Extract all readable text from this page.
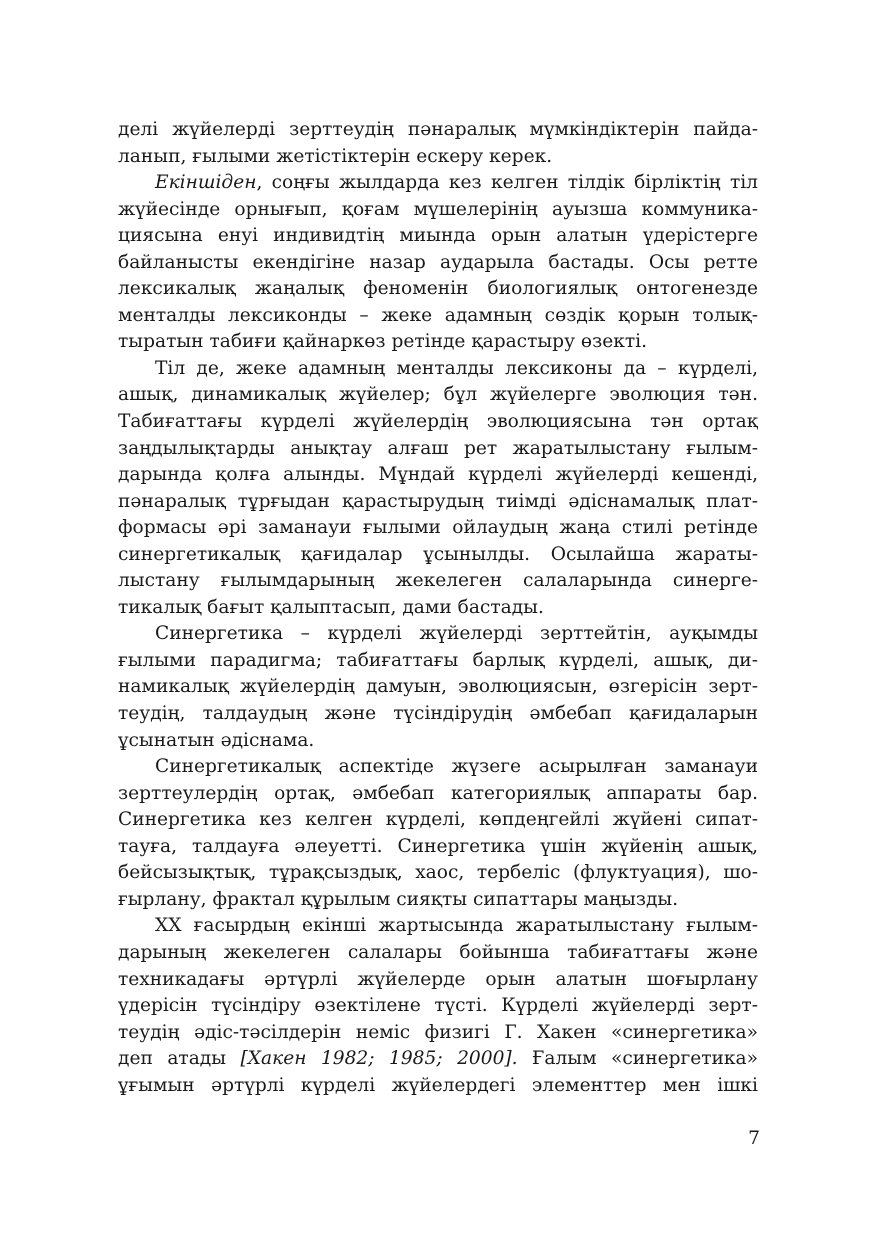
делі жүйелерді зерттеудің пәнаралық мүмкіндіктерін пайда-
ланып, ғылыми жетістіктерін ескеру керек.
Екіншіден, соңғы жылдарда кез келген тілдік бірліктің тіл
жүйесінде орнығып, қоғам мүшелерінің ауызша коммуника-
циясына енуі индивидтің миында орын алатын үдерістерге
байланысты екендігіне назар аударыла бастады. Осы ретте
лексикалық жаңалық феноменін биологиялық онтогенезде
менталды лексиконды – жеке адамның сөздік қорын толық-
тыратын табиғи қайнаркөз ретінде қарастыру өзекті.
Тіл де, жеке адамның менталды лексиконы да – күрделі,
ашық, динамикалық жүйелер; бұл жүйелерге эволюция тән.
Табиғаттағы күрделі жүйелердің эволюциясына тән ортақ
заңдылықтарды анықтау алғаш рет жаратылыстану ғылым-
дарында қолға алынды. Мұндай күрделі жүйелерді кешенді,
пәнаралық тұрғыдан қарастырудың тиімді әдіснамалық плат-
формасы әрі заманауи ғылыми ойлаудың жаңа стилі ретінде
синергетикалық қағидалар ұсынылды. Осылайша жараты-
лыстану ғылымдарының жекелеген салаларында синерге-
тикалық бағыт қалыптасып, дами бастады.
Синергетика – күрделі жүйелерді зерттейтін, ауқымды
ғылыми парадигма; табиғаттағы барлық күрделі, ашық, ди-
намикалық жүйелердің дамуын, эволюциясын, өзгерісін зерт-
теудің, талдаудың және түсіндірудің әмбебап қағидаларын
ұсынатын әдіснама.
Синергетикалық аспектіде жүзеге асырылған заманауи
зерттеулердің ортақ, әмбебап категориялық аппараты бар.
Синергетика кез келген күрделі, көпдеңгейлі жүйені сипат-
тауға, талдауға әлеуетті. Синергетика үшін жүйенің ашық,
бейсызықтық, тұрақсыздық, хаос, тербеліс (флуктуация), шо-
ғырлану, фрактал құрылым сияқты сипаттары маңызды.
XX ғасырдың екінші жартысында жаратылыстану ғылым-
дарының жекелеген салалары бойынша табиғаттағы және
техникадағы әртүрлі жүйелерде орын алатын шоғырлану
үдерісін түсіндіру өзектілене түсті. Күрделі жүйелерді зерт-
теудің әдіс-тәсілдерін неміс физигі Г. Хакен «синергетика»
деп атады [Хакен 1982; 1985; 2000]. Ғалым «синергетика»
ұғымын әртүрлі күрделі жүйелердегі элементтер мен ішкі
7
